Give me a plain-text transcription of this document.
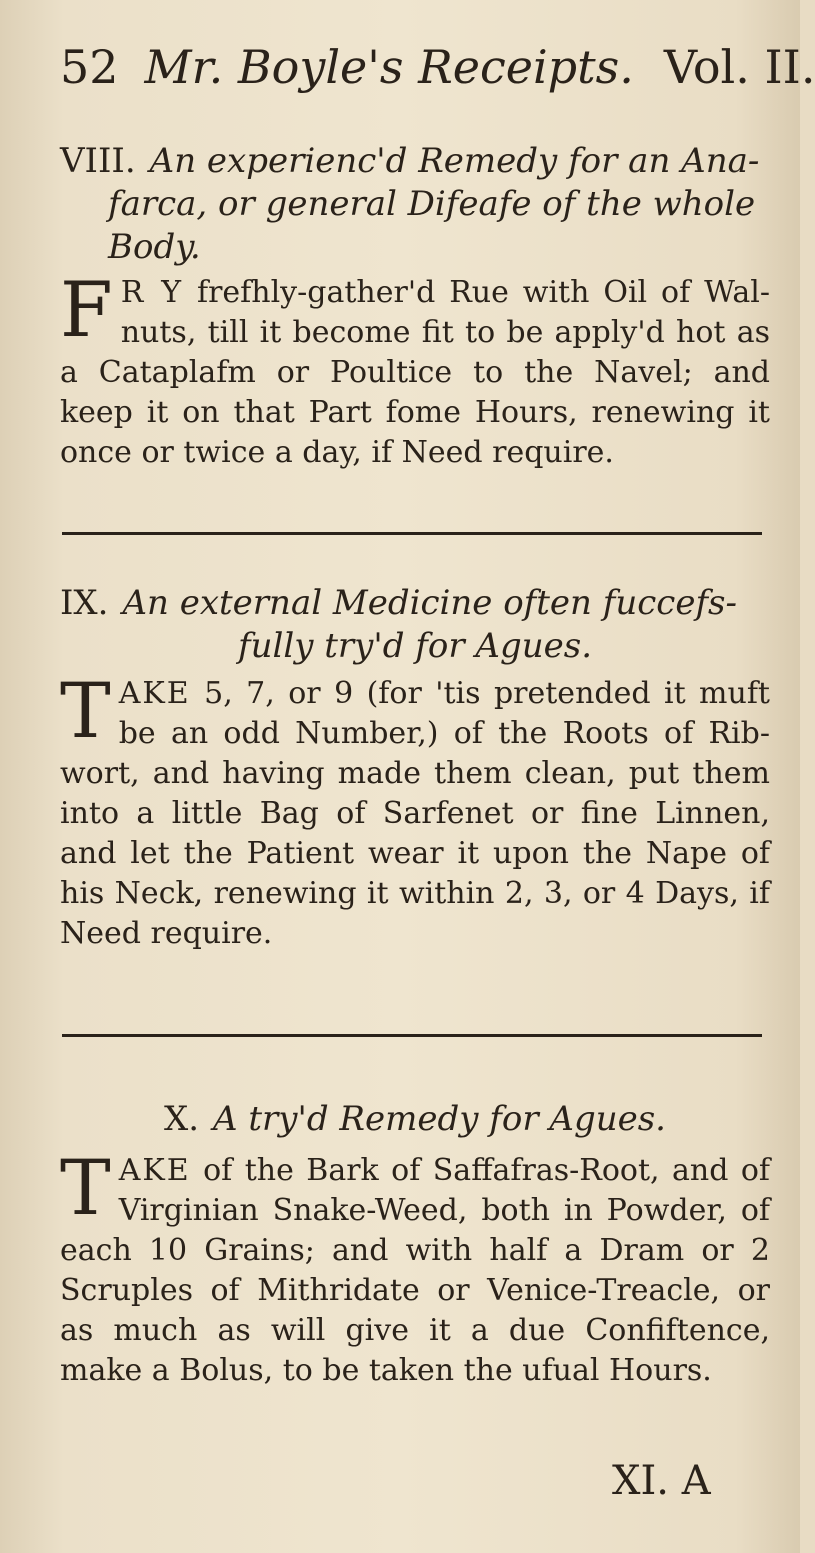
52 Mr. Boyle's Receipts. Vol. II.
VIII. An experienc'd Remedy for an Ana-
farca, or general Difeafe of the whole
Body.
F R Y frefhly-gather'd Rue with Oil of Wal- nuts, till it become fit to be apply'd hot as a Cataplafm or Poultice to the Navel; and keep it on that Part fome Hours, renewing it once or twice a day, if Need require.
IX. An external Medicine often fuccefs-
fully try'd for Agues.
TAKE 5, 7, or 9 (for 'tis pretended it muft be an odd Number,) of the Roots of Rib-wort, and having made them clean, put them into a little Bag of Sarfenet or fine Linnen, and let the Patient wear it upon the Nape of his Neck, renewing it within 2, 3, or 4 Days, if Need require.
X. A try'd Remedy for Agues.
TAKE of the Bark of Saffafras-Root, and of Virginian Snake-Weed, both in Powder, of each 10 Grains; and with half a Dram or 2 Scruples of Mithridate or Venice-Treacle, or as much as will give it a due Confiftence, make a Bolus, to be taken the ufual Hours.
XI. A
